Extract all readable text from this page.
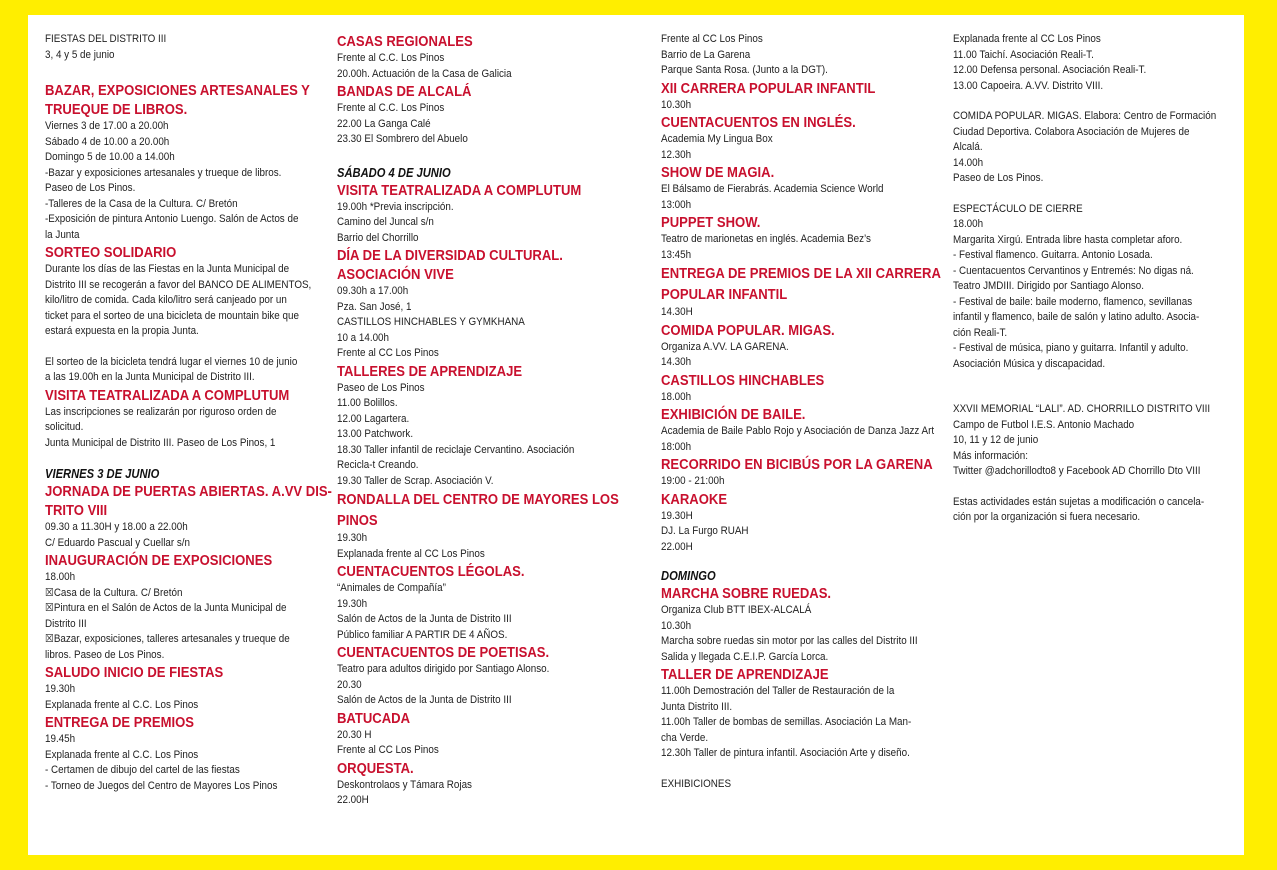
FIESTAS DEL DISTRITO III
3, 4 y 5 de junio
BAZAR, EXPOSICIONES ARTESANALES Y
TRUEQUE DE LIBROS.
Viernes 3 de 17.00 a 20.00h
Sábado 4 de 10.00 a 20.00h
Domingo 5 de 10.00 a 14.00h
-Bazar y exposiciones artesanales y trueque de libros.
Paseo de Los Pinos.
-Talleres de la Casa de la Cultura. C/ Bretón
-Exposición de pintura Antonio Luengo. Salón de Actos de
la Junta
SORTEO SOLIDARIO
Durante los días de las Fiestas en la Junta Municipal de
Distrito III se recogerán a favor del BANCO DE ALIMENTOS,
kilo/litro de comida. Cada kilo/litro será canjeado por un
ticket para el sorteo de una bicicleta de mountain bike que
estará expuesta en la propia Junta.
El sorteo de la bicicleta tendrá lugar el viernes 10 de junio
a las 19.00h en la Junta Municipal de Distrito III.
VISITA TEATRALIZADA A COMPLUTUM
Las inscripciones se realizarán por riguroso orden de
solicitud.
Junta Municipal de Distrito III. Paseo de Los Pinos, 1
VIERNES 3 DE JUNIO
JORNADA DE PUERTAS ABIERTAS. A.VV DIS-
TRITO VIII
09.30 a 11.30H y 18.00 a 22.00h
C/ Eduardo Pascual y Cuellar s/n
INAUGURACIÓN DE EXPOSICIONES
18.00h
☒Casa de la Cultura. C/ Bretón
☒Pintura en el Salón de Actos de la Junta Municipal de
Distrito III
☒Bazar, exposiciones, talleres artesanales y trueque de
libros. Paseo de Los Pinos.
SALUDO INICIO DE FIESTAS
19.30h
Explanada frente al C.C. Los Pinos
ENTREGA DE PREMIOS
19.45h
Explanada frente al C.C. Los Pinos
- Certamen de dibujo del cartel de las fiestas
- Torneo de Juegos del Centro de Mayores Los Pinos
CASAS REGIONALES
Frente al C.C. Los Pinos
20.00h. Actuación de la Casa de Galicia
BANDAS DE ALCALÁ
Frente al C.C. Los Pinos
22.00 La Ganga Calé
23.30 El Sombrero del Abuelo
SÁBADO 4 DE JUNIO
VISITA TEATRALIZADA A COMPLUTUM
19.00h *Previa inscripción.
Camino del Juncal s/n
Barrio del Chorrillo
DÍA DE LA DIVERSIDAD CULTURAL.
ASOCIACIÓN VIVE
09.30h a 17.00h
Pza. San José, 1
CASTILLOS HINCHABLES Y GYMKHANA
10 a 14.00h
Frente al CC Los Pinos
TALLERES DE APRENDIZAJE
Paseo de Los Pinos
11.00 Bolillos.
12.00 Lagartera.
13.00 Patchwork.
18.30 Taller infantil de reciclaje Cervantino. Asociación
Recicla-t Creando.
19.30 Taller de Scrap. Asociación V.
RONDALLA DEL CENTRO DE MAYORES LOS
PINOS
19.30h
Explanada frente al CC Los Pinos
CUENTACUENTOS LÉGOLAS.
“Animales de Compañía”
19.30h
Salón de Actos de la Junta de Distrito III
Público familiar A PARTIR DE 4 AÑOS.
CUENTACUENTOS DE POETISAS.
Teatro para adultos dirigido por Santiago Alonso.
20.30
Salón de Actos de la Junta de Distrito III
BATUCADA
20.30 H
Frente al CC Los Pinos
ORQUESTA.
Deskontrolaos y Támara Rojas
22.00H
Frente al CC Los Pinos
Barrio de La Garena
Parque Santa Rosa. (Junto a la DGT).
XII CARRERA POPULAR INFANTIL
10.30h
CUENTACUENTOS EN INGLÉS.
Academia My Lingua Box
12.30h
SHOW DE MAGIA.
El Bálsamo de Fierabrás. Academia Science World
13:00h
PUPPET SHOW.
Teatro de marionetas en inglés. Academia Bez’s
13:45h
ENTREGA DE PREMIOS DE LA XII CARRERA
POPULAR INFANTIL
14.30H
COMIDA POPULAR. MIGAS.
Organiza A.VV. LA GARENA.
14.30h
CASTILLOS HINCHABLES
18.00h
EXHIBICIÓN DE BAILE.
Academia de Baile Pablo Rojo y Asociación de Danza Jazz Art
18:00h
RECORRIDO EN BICIBÚS POR LA GARENA
19:00 - 21:00h
KARAOKE
19.30H
DJ. La Furgo RUAH
22.00H
DOMINGO
MARCHA SOBRE RUEDAS.
Organiza Club BTT IBEX-ALCALÁ
10.30h
Marcha sobre ruedas sin motor por las calles del Distrito III
Salida y llegada C.E.I.P. García Lorca.
TALLER DE APRENDIZAJE
11.00h Demostración del Taller de Restauración de la
Junta Distrito III.
11.00h Taller de bombas de semillas. Asociación La Man-
cha Verde.
12.30h Taller de pintura infantil. Asociación Arte y diseño.
EXHIBICIONES
Explanada frente al CC Los Pinos
11.00 Taichí. Asociación Reali-T.
12.00 Defensa personal. Asociación Reali-T.
13.00 Capoeira. A.VV. Distrito VIII.
COMIDA POPULAR. MIGAS. Elabora: Centro de Formación
Ciudad Deportiva. Colabora Asociación de Mujeres de
Alcalá.
14.00h
Paseo de Los Pinos.
ESPECTÁCULO DE CIERRE
18.00h
Margarita Xirgú. Entrada libre hasta completar aforo.
- Festival flamenco. Guitarra. Antonio Losada.
- Cuentacuentos Cervantinos y Entremés: No digas ná.
Teatro JMDIII. Dirigido por Santiago Alonso.
- Festival de baile: baile moderno, flamenco, sevillanas
infantil y flamenco, baile de salón y latino adulto. Asocia-
ción Reali-T.
- Festival de música, piano y guitarra. Infantil y adulto.
Asociación Música y discapacidad.
XXVII MEMORIAL “LALI”. AD. CHORRILLO DISTRITO VIII
Campo de Futbol I.E.S. Antonio Machado
10, 11 y 12 de junio
Más información:
Twitter @adchorillodto8 y Facebook AD Chorrillo Dto VIII
Estas actividades están sujetas a modificación o cancela-
ción por la organización si fuera necesario.
